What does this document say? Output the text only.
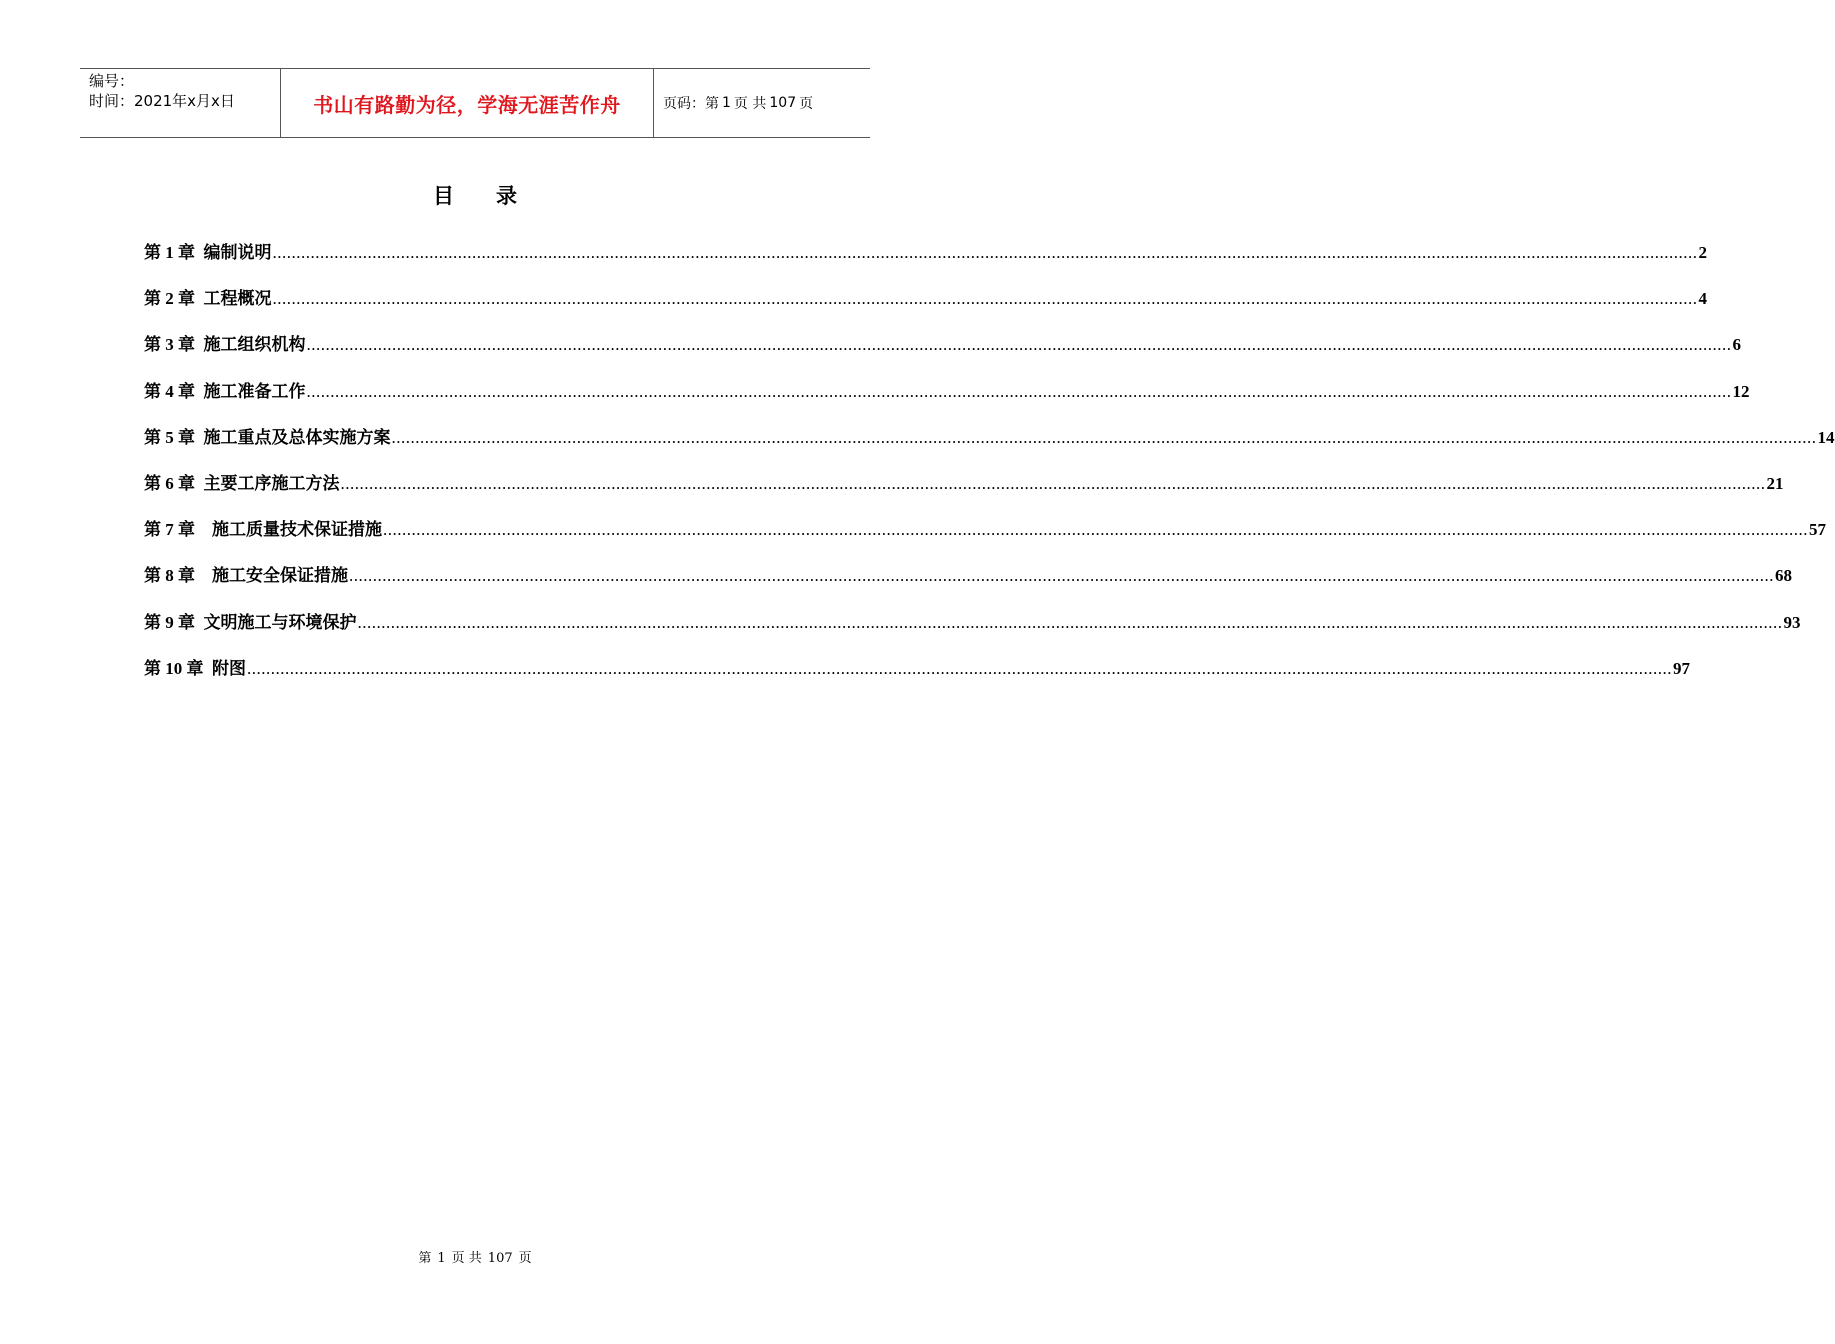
编号：
时间：2021年x月x日	书山有路勤为径，学海无涯苦作舟	页码：第 1 页 共 107 页
目录
第 1 章  编制说明 ............................................................................................................................................................................................................................................................................................................ 2
第 2 章  工程概况 ............................................................................................................................................................................................................................................................................................................ 4
第 3 章  施工组织机构 ............................................................................................................................................................................................................................................................................................................ 6
第 4 章  施工准备工作 ............................................................................................................................................................................................................................................................................................................ 12
第 5 章  施工重点及总体实施方案 ............................................................................................................................................................................................................................................................................................................ 14
第 6 章  主要工序施工方法 ............................................................................................................................................................................................................................................................................................................ 21
第 7 章    施工质量技术保证措施 ............................................................................................................................................................................................................................................................................................................ 57
第 8 章    施工安全保证措施 ............................................................................................................................................................................................................................................................................................................ 68
第 9 章  文明施工与环境保护 ............................................................................................................................................................................................................................................................................................................ 93
第 10 章  附图 ............................................................................................................................................................................................................................................................................................................ 97
第 1 页 共 107 页
